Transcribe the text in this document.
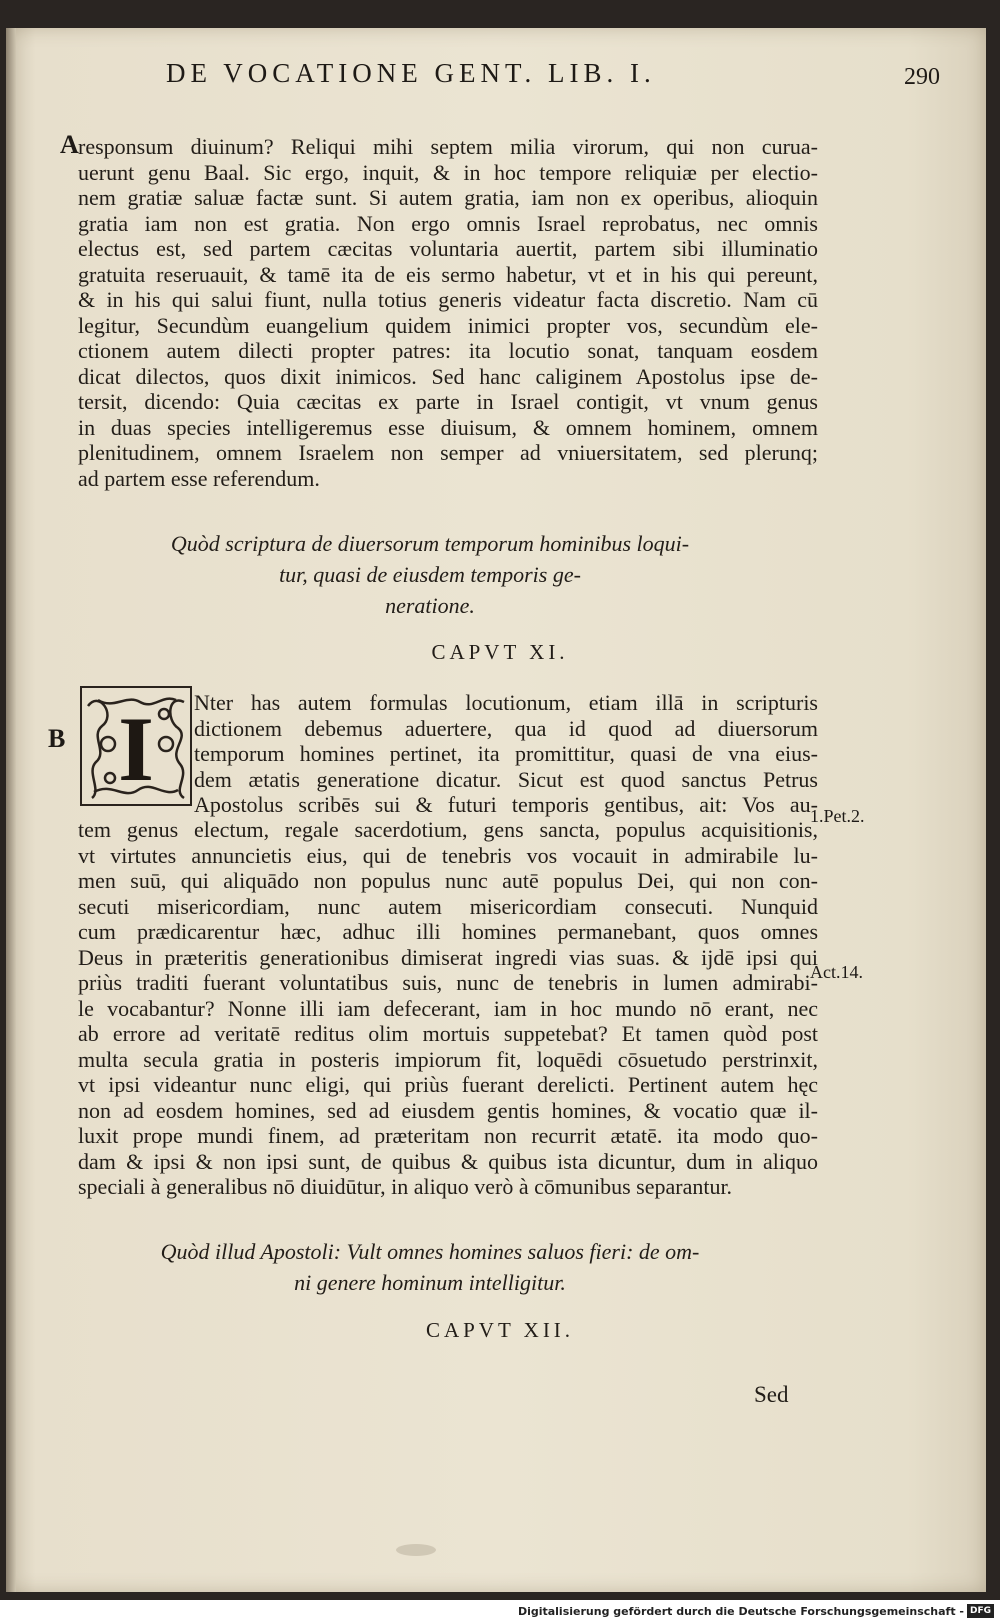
DE VOCATIONE GENT. LIB. I.	290
A
B
1.Pet.2.
Act.14.
responsum diuinum? Reliqui mihi septem milia virorum, qui non curua-
uerunt genu Baal. Sic ergo, inquit, & in hoc tempore reliquiæ per electio-
nem gratiæ saluæ factæ sunt. Si autem gratia, iam non ex operibus, alioquin
gratia iam non est gratia. Non ergo omnis Israel reprobatus, nec omnis
electus est, sed partem cæcitas voluntaria auertit, partem sibi illuminatio
gratuita reseruauit, & tamē ita de eis sermo habetur, vt et in his qui pereunt,
& in his qui salui fiunt, nulla totius generis videatur facta discretio. Nam cū
legitur, Secundùm euangelium quidem inimici propter vos, secundùm ele-
ctionem autem dilecti propter patres: ita locutio sonat, tanquam eosdem
dicat dilectos, quos dixit inimicos. Sed hanc caliginem Apostolus ipse de-
tersit, dicendo: Quia cæcitas ex parte in Israel contigit, vt vnum genus
in duas species intelligeremus esse diuisum, & omnem hominem, omnem
plenitudinem, omnem Israelem non semper ad vniuersitatem, sed plerunq;
ad partem esse referendum.
Quòd scriptura de diuersorum temporum hominibus loqui-
tur, quasi de eiusdem temporis ge-
neratione.
CAPVT XI.
I Nter has autem formulas locutionum, etiam illā in scripturis
dictionem debemus aduertere, qua id quod ad diuersorum
temporum homines pertinet, ita promittitur, quasi de vna eius-
dem ætatis generatione dicatur. Sicut est quod sanctus Petrus
Apostolus scribēs sui & futuri temporis gentibus, ait: Vos au-
tem genus electum, regale sacerdotium, gens sancta, populus acquisitionis,
vt virtutes annuncietis eius, qui de tenebris vos vocauit in admirabile lu-
men suū, qui aliquādo non populus nunc autē populus Dei, qui non con-
secuti misericordiam, nunc autem misericordiam consecuti. Nunquid
cum prædicarentur hæc, adhuc illi homines permanebant, quos omnes
Deus in præteritis generationibus dimiserat ingredi vias suas. & ijdē ipsi qui
priùs traditi fuerant voluntatibus suis, nunc de tenebris in lumen admirabi-
le vocabantur? Nonne illi iam defecerant, iam in hoc mundo nō erant, nec
ab errore ad veritatē reditus olim mortuis suppetebat? Et tamen quòd post
multa secula gratia in posteris impiorum fit, loquēdi cōsuetudo perstrinxit,
vt ipsi videantur nunc eligi, qui priùs fuerant derelicti. Pertinent autem hęc
non ad eosdem homines, sed ad eiusdem gentis homines, & vocatio quæ il-
luxit prope mundi finem, ad præteritam non recurrit ætatē. ita modo quo-
dam & ipsi & non ipsi sunt, de quibus & quibus ista dicuntur, dum in aliquo
speciali à generalibus nō diuidūtur, in aliquo verò à cōmunibus separantur.
Quòd illud Apostoli: Vult omnes homines saluos fieri: de om-
ni genere hominum intelligitur.
CAPVT XII.
Sed
Digitalisierung gefördert durch die Deutsche Forschungsgemeinschaft - DFG
